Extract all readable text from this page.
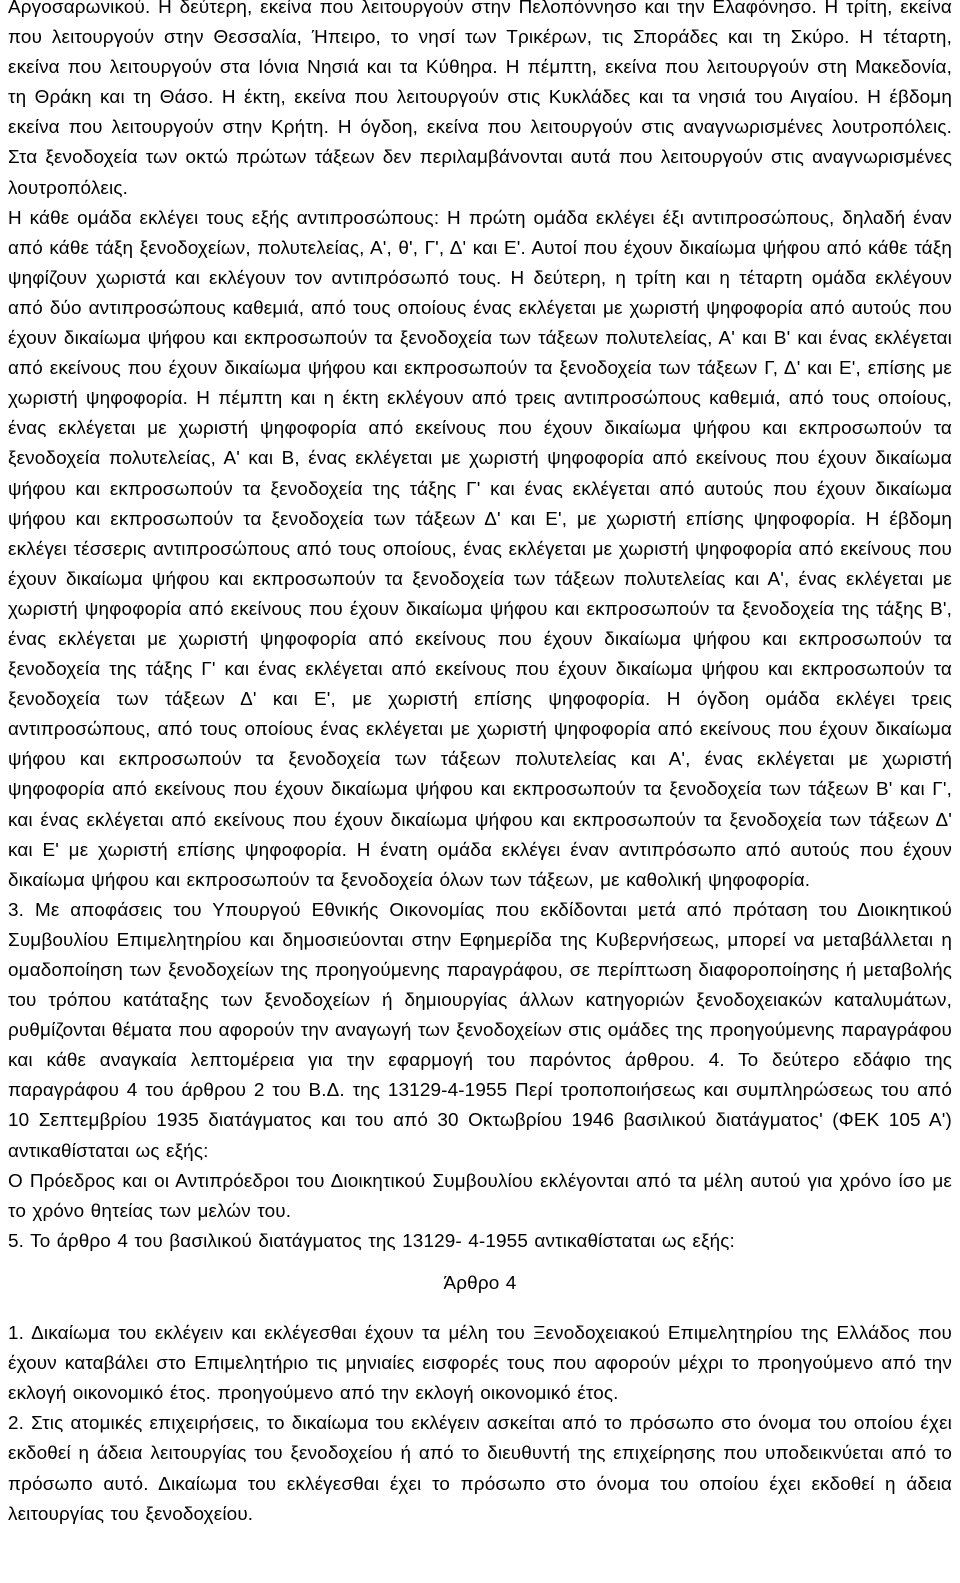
Αργοσαρωνικού. Η δεύτερη, εκείνα που λειτουργούν στην Πελοπόννησο και την Ελαφόνησο. Η τρίτη, εκείνα που λειτουργούν στην Θεσσαλία, Ήπειρο, το νησί των Τρικέρων, τις Σποράδες και τη Σκύρο. Η τέταρτη, εκείνα που λειτουργούν στα Ιόνια Νησιά και τα Κύθηρα. Η πέμπτη, εκείνα που λειτουργούν στη Μακεδονία, τη Θράκη και τη Θάσο. Η έκτη, εκείνα που λειτουργούν στις Κυκλάδες και τα νησιά του Αιγαίου. Η έβδομη εκείνα που λειτουργούν στην Κρήτη. Η όγδοη, εκείνα που λειτουργούν στις αναγνωρισμένες λουτροπόλεις. Στα ξενοδοχεία των οκτώ πρώτων τάξεων δεν περιλαμβάνονται αυτά που λειτουργούν στις αναγνωρισμένες λουτροπόλεις.

Η κάθε ομάδα εκλέγει τους εξής αντιπροσώπους: Η πρώτη ομάδα εκλέγει έξι αντιπροσώπους, δηλαδή έναν από κάθε τάξη ξενοδοχείων, πολυτελείας, Α', θ', Γ', Δ' και Ε'. Αυτοί που έχουν δικαίωμα ψήφου από κάθε τάξη ψηφίζουν χωριστά και εκλέγουν τον αντιπρόσωπό τους. Η δεύτερη, η τρίτη και η τέταρτη ομάδα εκλέγουν από δύο αντιπροσώπους καθεμιά, από τους οποίους ένας εκλέγεται με χωριστή ψηφοφορία από αυτούς που έχουν δικαίωμα ψήφου και εκπροσωπούν τα ξενοδοχεία των τάξεων πολυτελείας, Α' και Β' και ένας εκλέγεται από εκείνους που έχουν δικαίωμα ψήφου και εκπροσωπούν τα ξενοδοχεία των τάξεων Γ, Δ' και Ε', επίσης με χωριστή ψηφοφορία. Η πέμπτη και η έκτη εκλέγουν από τρεις αντιπροσώπους καθεμιά, από τους οποίους, ένας εκλέγεται με χωριστή ψηφοφορία από εκείνους που έχουν δικαίωμα ψήφου και εκπροσωπούν τα ξενοδοχεία πολυτελείας, Α' και Β, ένας εκλέγεται με χωριστή ψηφοφορία από εκείνους που έχουν δικαίωμα ψήφου και εκπροσωπούν τα ξενοδοχεία της τάξης Γ' και ένας εκλέγεται από αυτούς που έχουν δικαίωμα ψήφου και εκπροσωπούν τα ξενοδοχεία των τάξεων Δ' και Ε', με χωριστή επίσης ψηφοφορία. Η έβδομη εκλέγει τέσσερις αντιπροσώπους από τους οποίους, ένας εκλέγεται με χωριστή ψηφοφορία από εκείνους που έχουν δικαίωμα ψήφου και εκπροσωπούν τα ξενοδοχεία των τάξεων πολυτελείας και Α', ένας εκλέγεται με χωριστή ψηφοφορία από εκείνους που έχουν δικαίωμα ψήφου και εκπροσωπούν τα ξενοδοχεία της τάξης Β', ένας εκλέγεται με χωριστή ψηφοφορία από εκείνους που έχουν δικαίωμα ψήφου και εκπροσωπούν τα ξενοδοχεία της τάξης Γ' και ένας εκλέγεται από εκείνους που έχουν δικαίωμα ψήφου και εκπροσωπούν τα ξενοδοχεία των τάξεων Δ' και Ε', με χωριστή επίσης ψηφοφορία. Η όγδοη ομάδα εκλέγει τρεις αντιπροσώπους, από τους οποίους ένας εκλέγεται με χωριστή ψηφοφορία από εκείνους που έχουν δικαίωμα ψήφου και εκπροσωπούν τα ξενοδοχεία των τάξεων πολυτελείας και Α', ένας εκλέγεται με χωριστή ψηφοφορία από εκείνους που έχουν δικαίωμα ψήφου και εκπροσωπούν τα ξενοδοχεία των τάξεων Β' και Γ', και ένας εκλέγεται από εκείνους που έχουν δικαίωμα ψήφου και εκπροσωπούν τα ξενοδοχεία των τάξεων Δ' και Ε' με χωριστή επίσης ψηφοφορία. Η ένατη ομάδα εκλέγει έναν αντιπρόσωπο από αυτούς που έχουν δικαίωμα ψήφου και εκπροσωπούν τα ξενοδοχεία όλων των τάξεων, με καθολική ψηφοφορία.

3. Με αποφάσεις του Υπουργού Εθνικής Οικονομίας που εκδίδονται μετά από πρόταση του Διοικητικού Συμβουλίου Επιμελητηρίου και δημοσιεύονται στην Εφημερίδα της Κυβερνήσεως, μπορεί να μεταβάλλεται η ομαδοποίηση των ξενοδοχείων της προηγούμενης παραγράφου, σε περίπτωση διαφοροποίησης ή μεταβολής του τρόπου κατάταξης των ξενοδοχείων ή δημιουργίας άλλων κατηγοριών ξενοδοχειακών καταλυμάτων, ρυθμίζονται θέματα που αφορούν την αναγωγή των ξενοδοχείων στις ομάδες της προηγούμενης παραγράφου και κάθε αναγκαία λεπτομέρεια για την εφαρμογή του παρόντος άρθρου. 4. Το δεύτερο εδάφιο της παραγράφου 4 του άρθρου 2 του Β.Δ. της 13129-4-1955 Περί τροποποιήσεως και συμπληρώσεως του από 10 Σεπτεμβρίου 1935 διατάγματος και του από 30 Οκτωβρίου 1946 βασιλικού διατάγματος' (ΦΕΚ 105 Α') αντικαθίσταται ως εξής:

Ο Πρόεδρος και οι Αντιπρόεδροι του Διοικητικού Συμβουλίου εκλέγονται από τα μέλη αυτού για χρόνο ίσο με το χρόνο θητείας των μελών του.

5. Το άρθρο 4 του βασιλικού διατάγματος της 13129- 4-1955 αντικαθίσταται ως εξής:

Άρθρο 4

1. Δικαίωμα του εκλέγειν και εκλέγεσθαι έχουν τα μέλη του Ξενοδοχειακού Επιμελητηρίου της Ελλάδος που έχουν καταβάλει στο Επιμελητήριο τις μηνιαίες εισφορές τους που αφορούν μέχρι το προηγούμενο από την εκλογή οικονομικό έτος. προηγούμενο από την εκλογή οικονομικό έτος.

2. Στις ατομικές επιχειρήσεις, το δικαίωμα του εκλέγειν ασκείται από το πρόσωπο στο όνομα του οποίου έχει εκδοθεί η άδεια λειτουργίας του ξενοδοχείου ή από το διευθυντή της επιχείρησης που υποδεικνύεται από το πρόσωπο αυτό. Δικαίωμα του εκλέγεσθαι έχει το πρόσωπο στο όνομα του οποίου έχει εκδοθεί η άδεια λειτουργίας του ξενοδοχείου.
